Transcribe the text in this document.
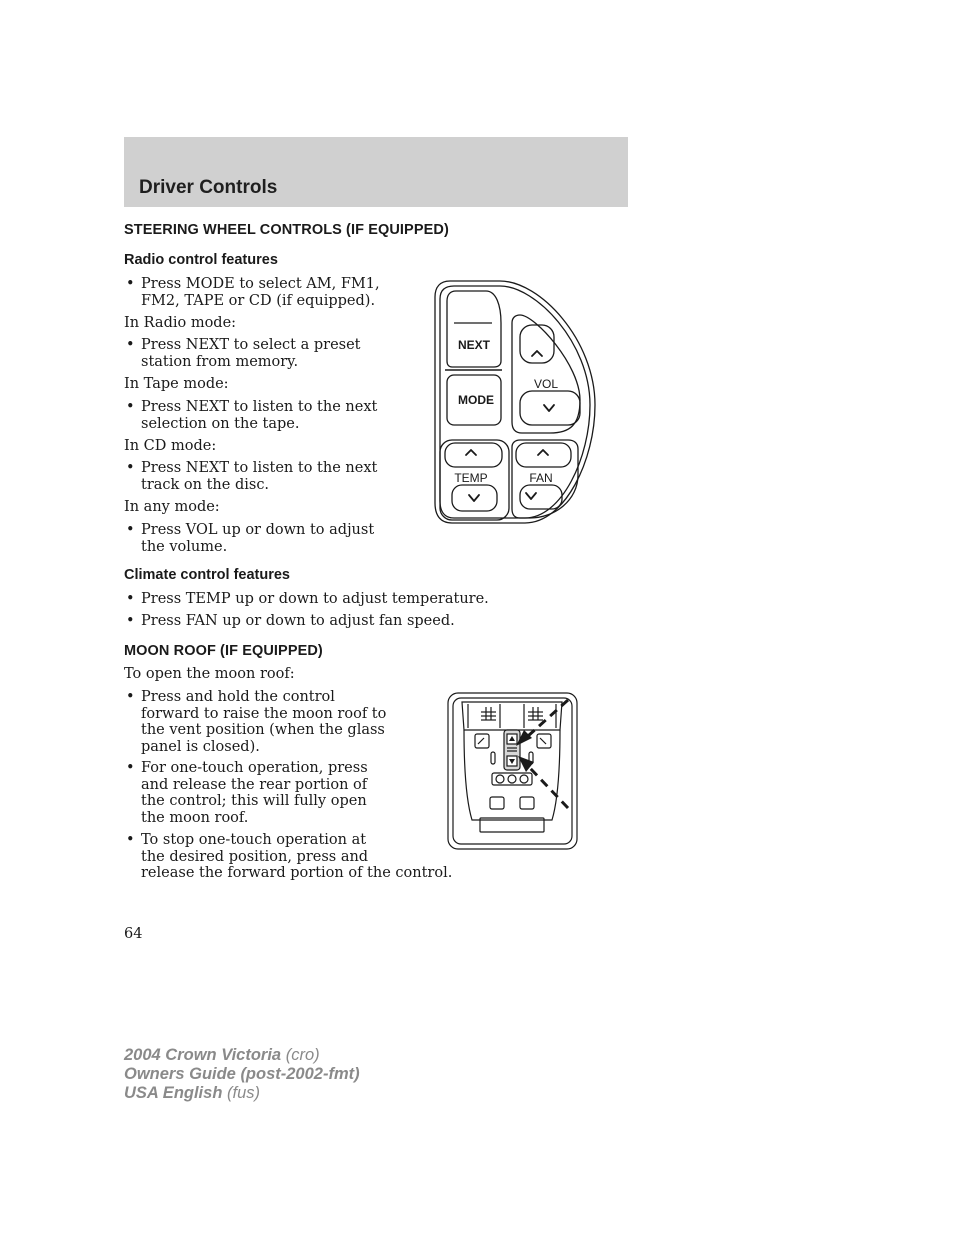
Driver Controls
STEERING WHEEL CONTROLS (IF EQUIPPED)
Radio control features
• Press MODE to select AM, FM1,
FM2, TAPE or CD (if equipped).
In Radio mode:
• Press NEXT to select a preset
station from memory.
In Tape mode:
• Press NEXT to listen to the next
selection on the tape.
In CD mode:
• Press NEXT to listen to the next
track on the disc.
In any mode:
• Press VOL up or down to adjust
the volume.
Climate control features
• Press TEMP up or down to adjust temperature.
• Press FAN up or down to adjust fan speed.
MOON ROOF (IF EQUIPPED)
To open the moon roof:
• Press and hold the control
forward to raise the moon roof to
the vent position (when the glass
panel is closed).
• For one-touch operation, press
and release the rear portion of
the control; this will fully open
the moon roof.
• To stop one-touch operation at
the desired position, press and
release the forward portion of the control.
NEXT
MODE
VOL
TEMP	FAN
64
2004 Crown Victoria (cro)
Owners Guide (post-2002-fmt)
USA English (fus)
